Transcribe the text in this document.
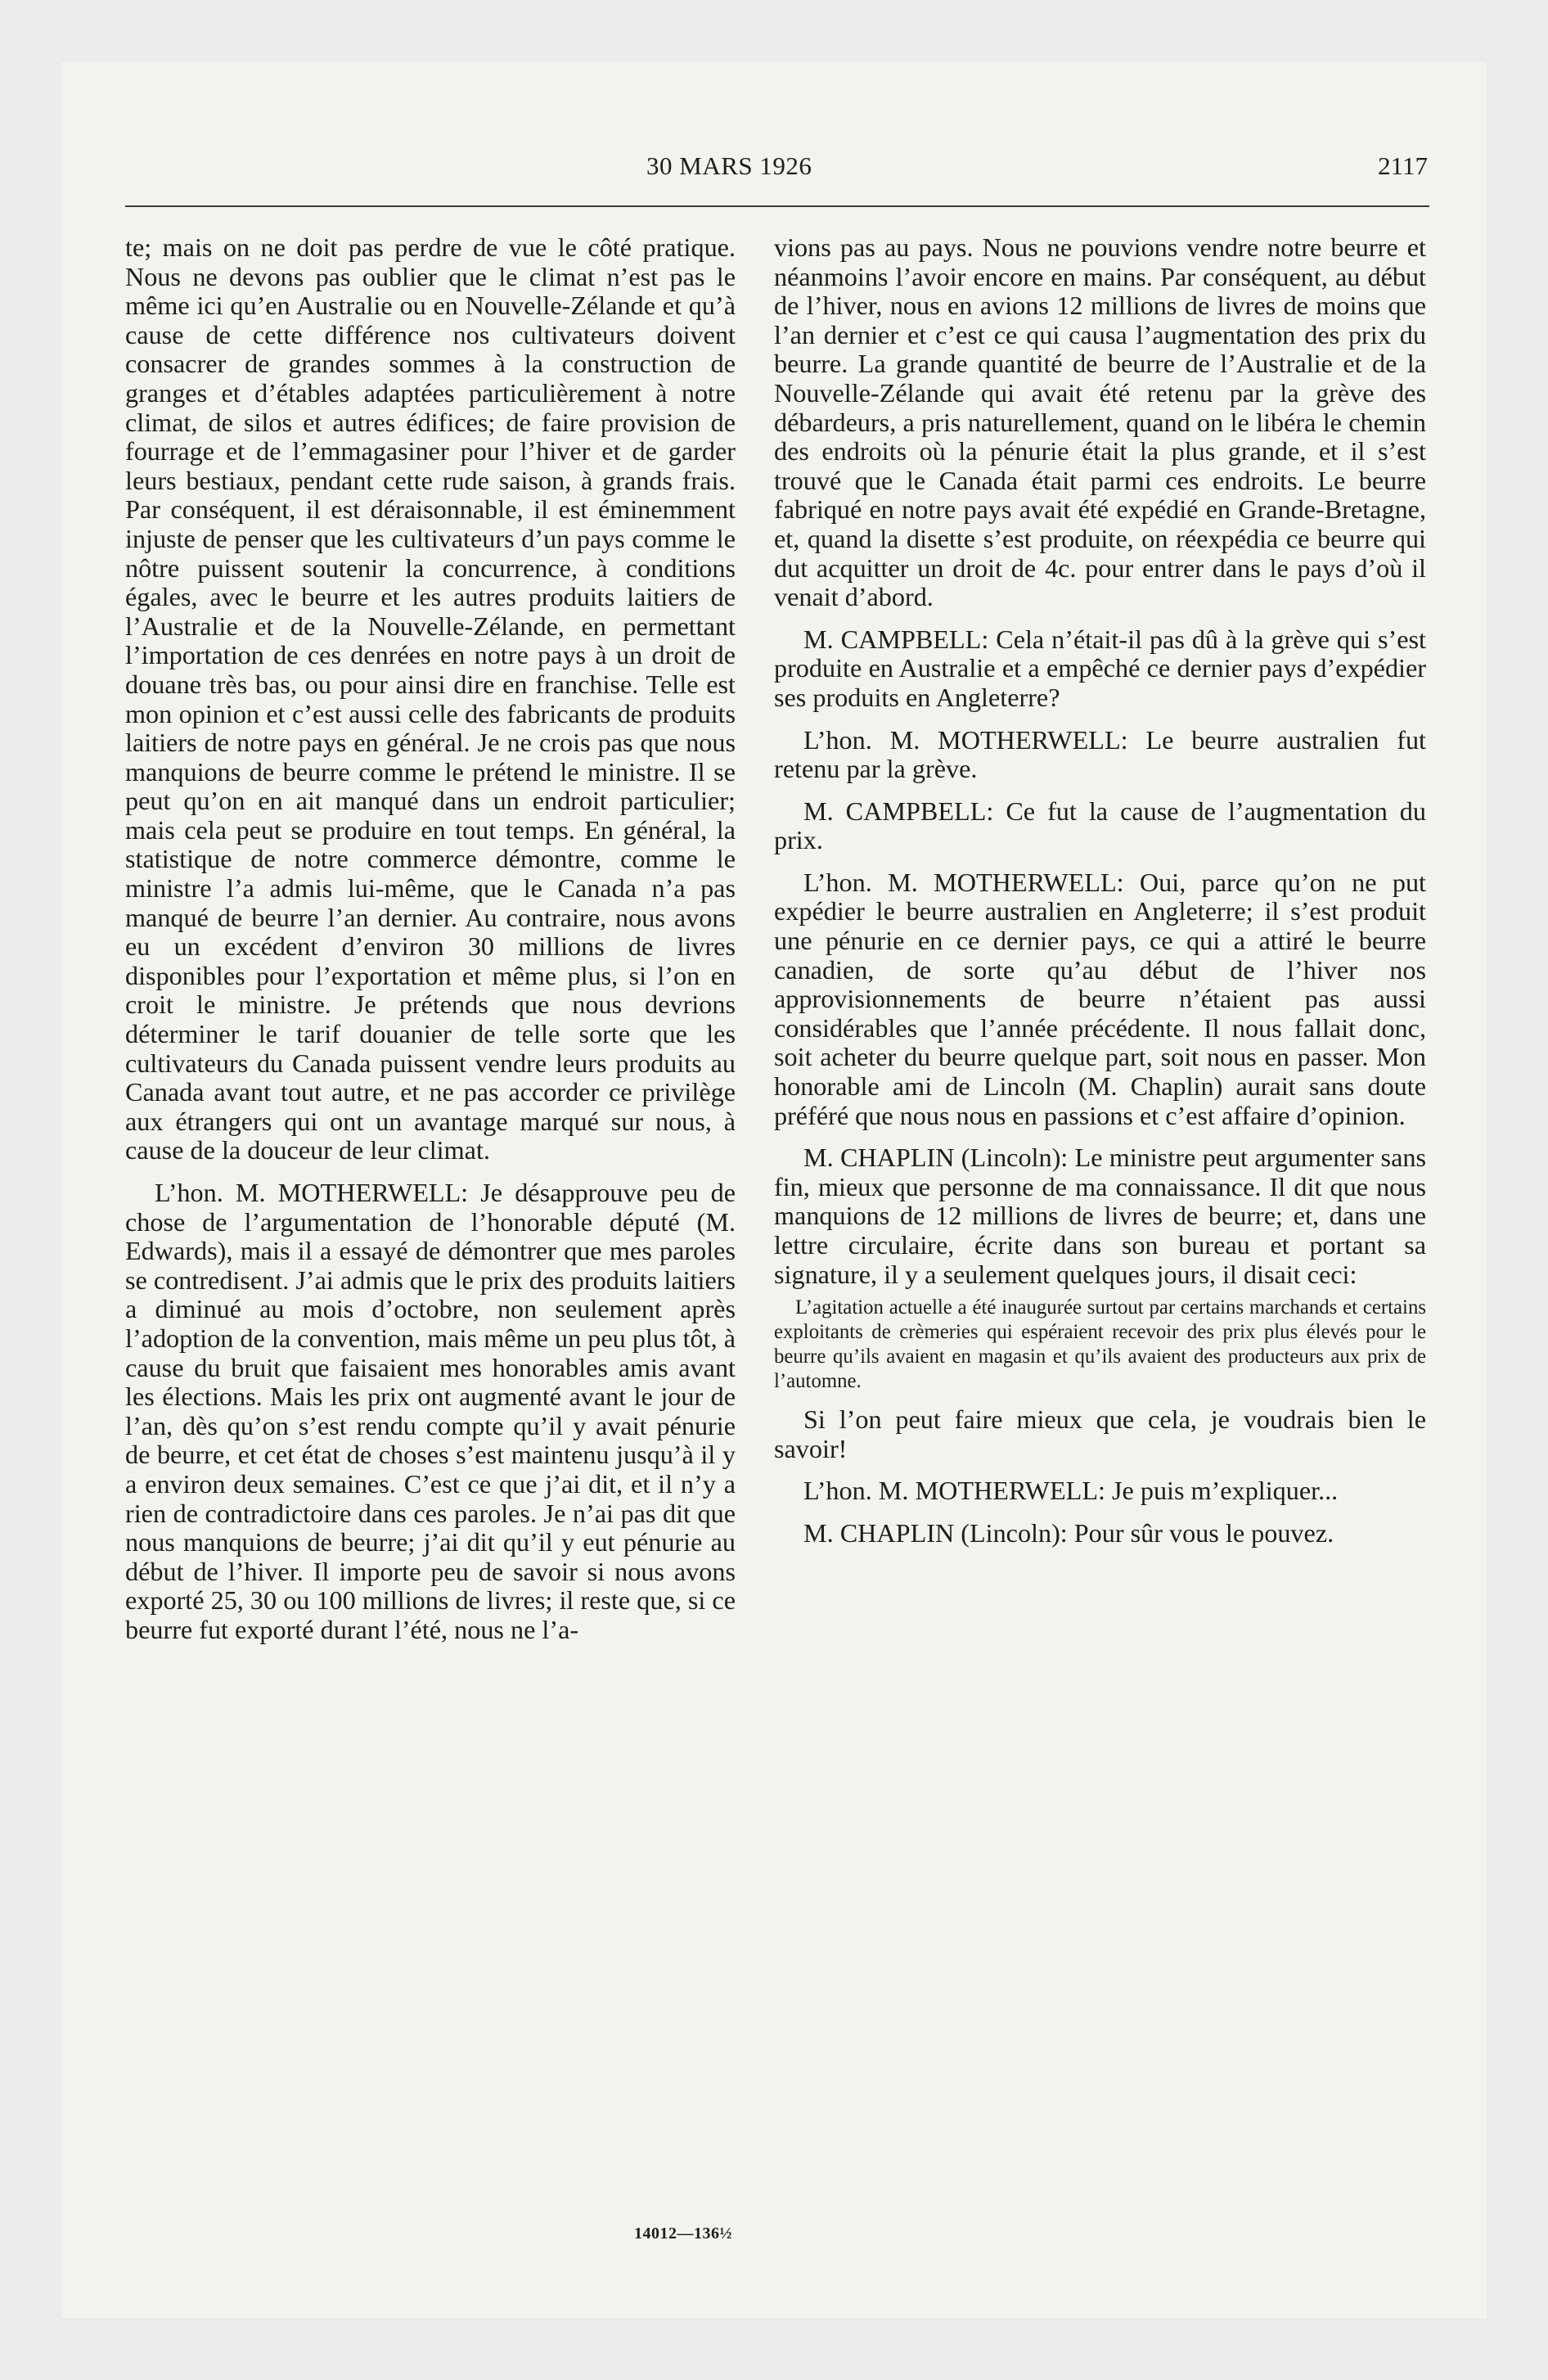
30 MARS 1926	2117

te; mais on ne doit pas perdre de vue le côté pratique. Nous ne devons pas oublier que le climat n’est pas le même ici qu’en Australie ou en Nouvelle-Zélande et qu’à cause de cette différence nos cultivateurs doivent consacrer de grandes sommes à la construction de granges et d’étables adaptées particulièrement à notre climat, de silos et autres édifices; de faire provision de fourrage et de l’emmagasiner pour l’hiver et de garder leurs bestiaux, pendant cette rude saison, à grands frais. Par conséquent, il est déraisonnable, il est éminemment injuste de penser que les cultivateurs d’un pays comme le nôtre puissent soutenir la concurrence, à conditions égales, avec le beurre et les autres produits laitiers de l’Australie et de la Nouvelle-Zélande, en permettant l’importation de ces denrées en notre pays à un droit de douane très bas, ou pour ainsi dire en franchise. Telle est mon opinion et c’est aussi celle des fabricants de produits laitiers de notre pays en général. Je ne crois pas que nous manquions de beurre comme le prétend le ministre. Il se peut qu’on en ait manqué dans un endroit particulier; mais cela peut se produire en tout temps. En général, la statistique de notre commerce démontre, comme le ministre l’a admis lui-même, que le Canada n’a pas manqué de beurre l’an dernier. Au contraire, nous avons eu un excédent d’environ 30 millions de livres disponibles pour l’exportation et même plus, si l’on en croit le ministre. Je prétends que nous devrions déterminer le tarif douanier de telle sorte que les cultivateurs du Canada puissent vendre leurs produits au Canada avant tout autre, et ne pas accorder ce privilège aux étrangers qui ont un avantage marqué sur nous, à cause de la douceur de leur climat.

L’hon. M. MOTHERWELL: Je désapprouve peu de chose de l’argumentation de l’honorable député (M. Edwards), mais il a essayé de démontrer que mes paroles se contredisent. J’ai admis que le prix des produits laitiers a diminué au mois d’octobre, non seulement après l’adoption de la convention, mais même un peu plus tôt, à cause du bruit que faisaient mes honorables amis avant les élections. Mais les prix ont augmenté avant le jour de l’an, dès qu’on s’est rendu compte qu’il y avait pénurie de beurre, et cet état de choses s’est maintenu jusqu’à il y a environ deux semaines. C’est ce que j’ai dit, et il n’y a rien de contradictoire dans ces paroles. Je n’ai pas dit que nous manquions de beurre; j’ai dit qu’il y eut pénurie au début de l’hiver. Il importe peu de savoir si nous avons exporté 25, 30 ou 100 millions de livres; il reste que, si ce beurre fut exporté durant l’été, nous ne l’a-

vions pas au pays. Nous ne pouvions vendre notre beurre et néanmoins l’avoir encore en mains. Par conséquent, au début de l’hiver, nous en avions 12 millions de livres de moins que l’an dernier et c’est ce qui causa l’augmentation des prix du beurre. La grande quantité de beurre de l’Australie et de la Nouvelle-Zélande qui avait été retenu par la grève des débardeurs, a pris naturellement, quand on le libéra le chemin des endroits où la pénurie était la plus grande, et il s’est trouvé que le Canada était parmi ces endroits. Le beurre fabriqué en notre pays avait été expédié en Grande-Bretagne, et, quand la disette s’est produite, on réexpédia ce beurre qui dut acquitter un droit de 4c. pour entrer dans le pays d’où il venait d’abord.

M. CAMPBELL: Cela n’était-il pas dû à la grève qui s’est produite en Australie et a empêché ce dernier pays d’expédier ses produits en Angleterre?

L’hon. M. MOTHERWELL: Le beurre australien fut retenu par la grève.

M. CAMPBELL: Ce fut la cause de l’augmentation du prix.

L’hon. M. MOTHERWELL: Oui, parce qu’on ne put expédier le beurre australien en Angleterre; il s’est produit une pénurie en ce dernier pays, ce qui a attiré le beurre canadien, de sorte qu’au début de l’hiver nos approvisionnements de beurre n’étaient pas aussi considérables que l’année précédente. Il nous fallait donc, soit acheter du beurre quelque part, soit nous en passer. Mon honorable ami de Lincoln (M. Chaplin) aurait sans doute préféré que nous nous en passions et c’est affaire d’opinion.

M. CHAPLIN (Lincoln): Le ministre peut argumenter sans fin, mieux que personne de ma connaissance. Il dit que nous manquions de 12 millions de livres de beurre; et, dans une lettre circulaire, écrite dans son bureau et portant sa signature, il y a seulement quelques jours, il disait ceci:

L’agitation actuelle a été inaugurée surtout par certains marchands et certains exploitants de crèmeries qui espéraient recevoir des prix plus élevés pour le beurre qu’ils avaient en magasin et qu’ils avaient des producteurs aux prix de l’automne.

Si l’on peut faire mieux que cela, je voudrais bien le savoir!

L’hon. M. MOTHERWELL: Je puis m’expliquer...

M. CHAPLIN (Lincoln): Pour sûr vous le pouvez.

14012—136½
